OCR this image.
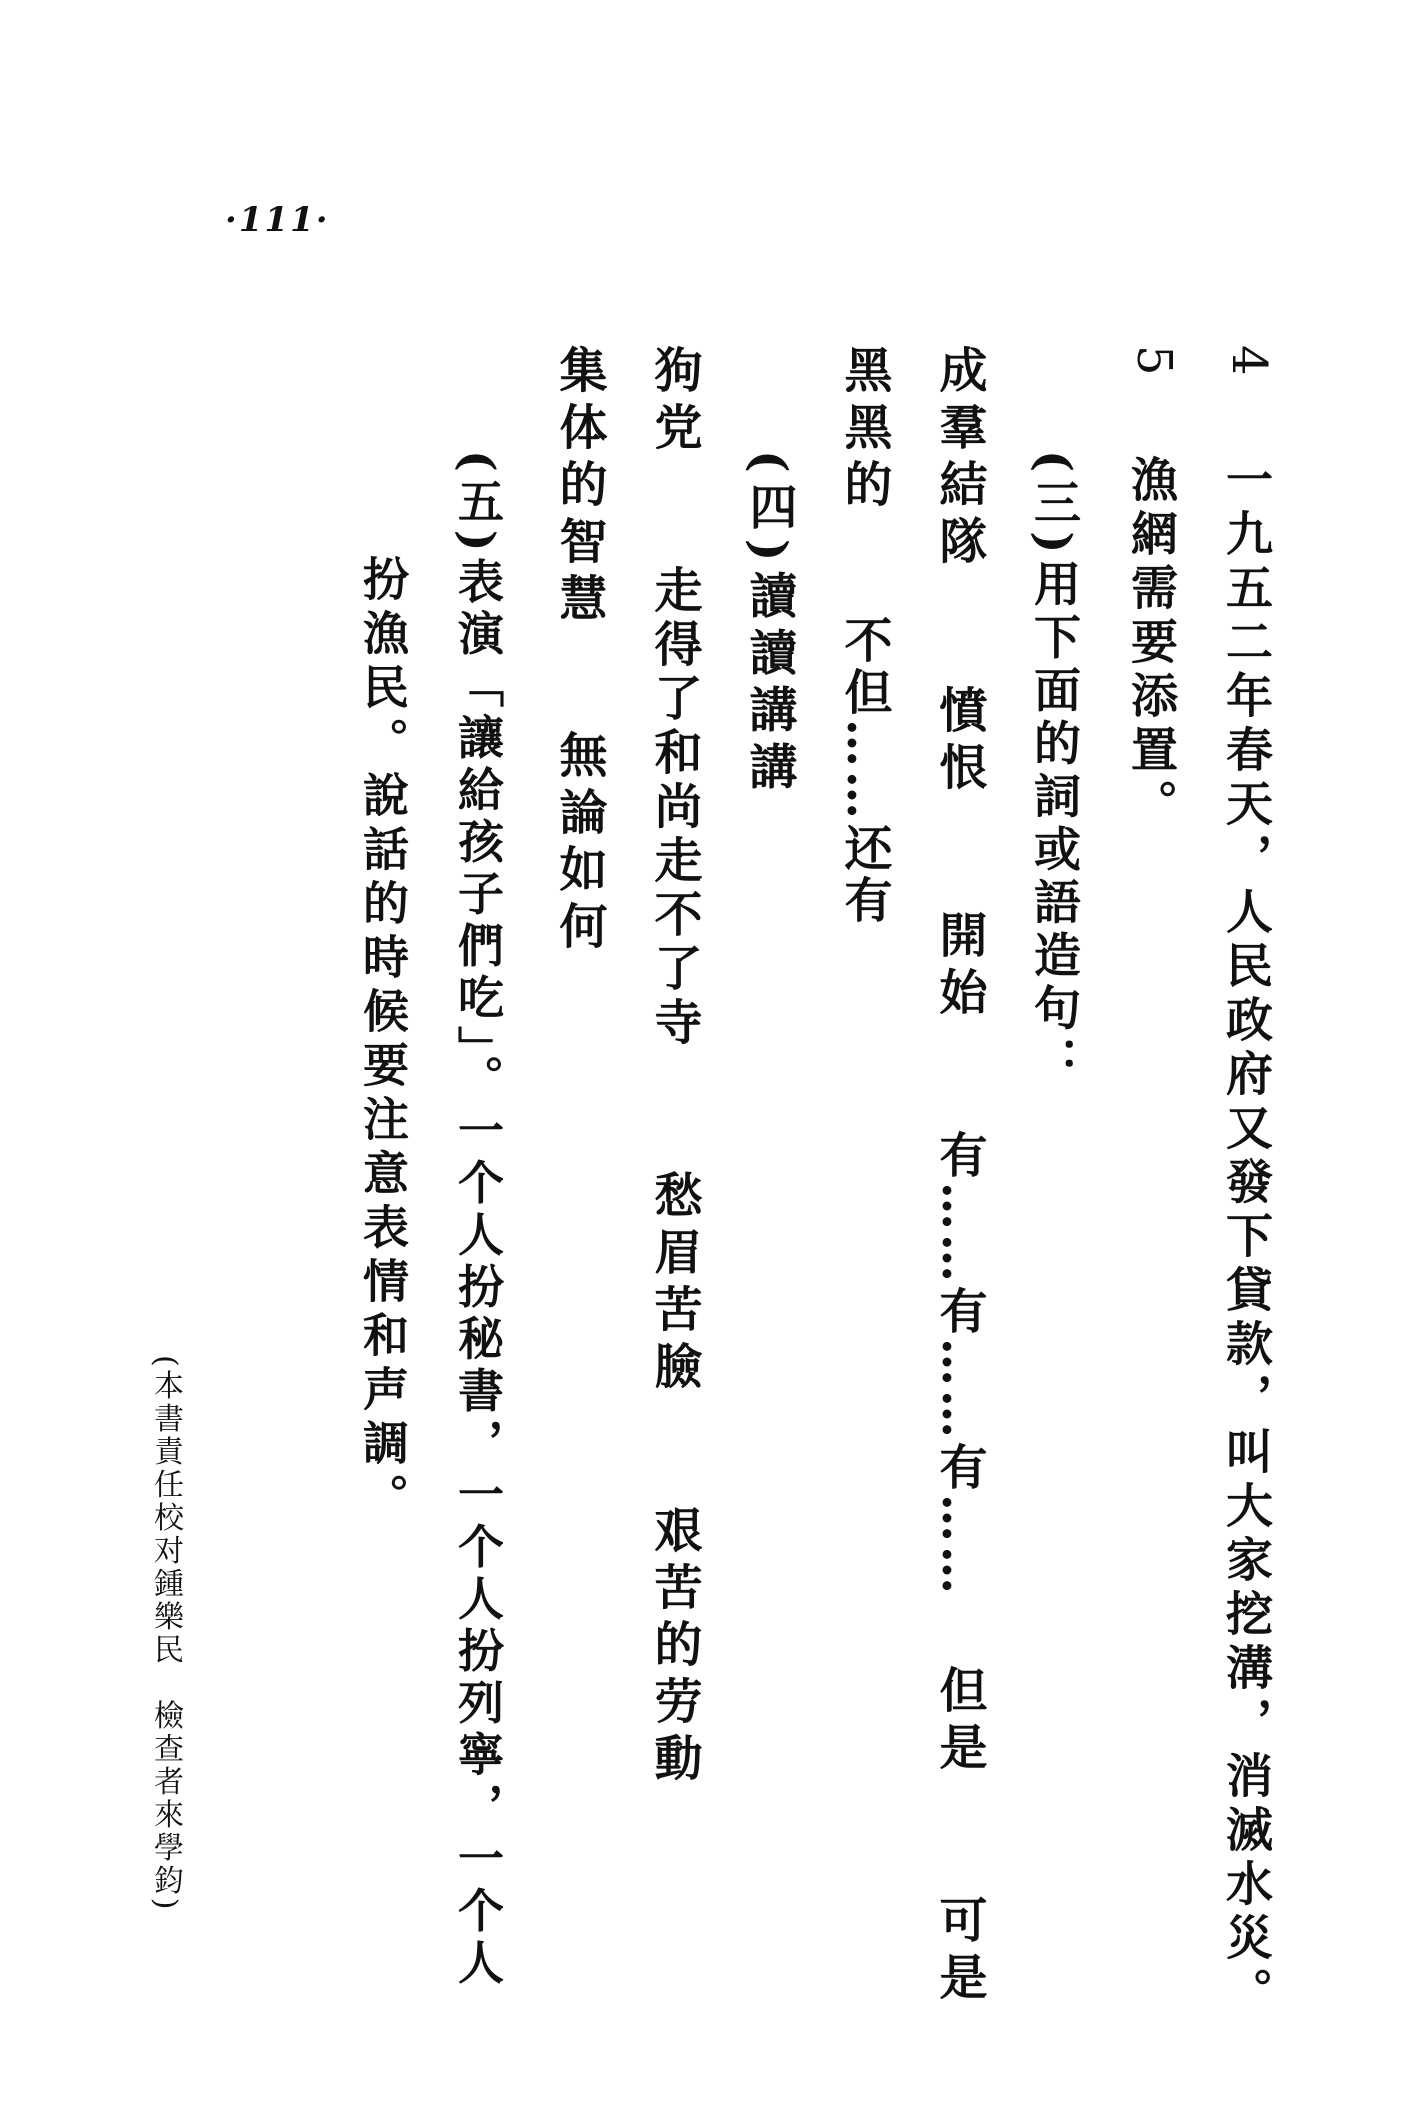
·111·
4
一九五二年春天，人民政府又發下貸款，叫大家挖溝，消滅水災。
5
漁網需要添置。
(三)用下面的詞或語造句：
成羣結隊
憤恨
開始
有……有……有……
但是
可是
黑黑的
不但……还有
(四)讀讀講講
狗党
走得了和尚走不了寺
愁眉苦臉
艰苦的劳動
集体的智慧
無論如何
(五)表演「讓給孩子們吃」。一个人扮秘書，一个人扮列寧，一个人
扮漁民。說話的時候要注意表情和声調。
(本書責任校对鍾樂民　檢查者來學鈞)
